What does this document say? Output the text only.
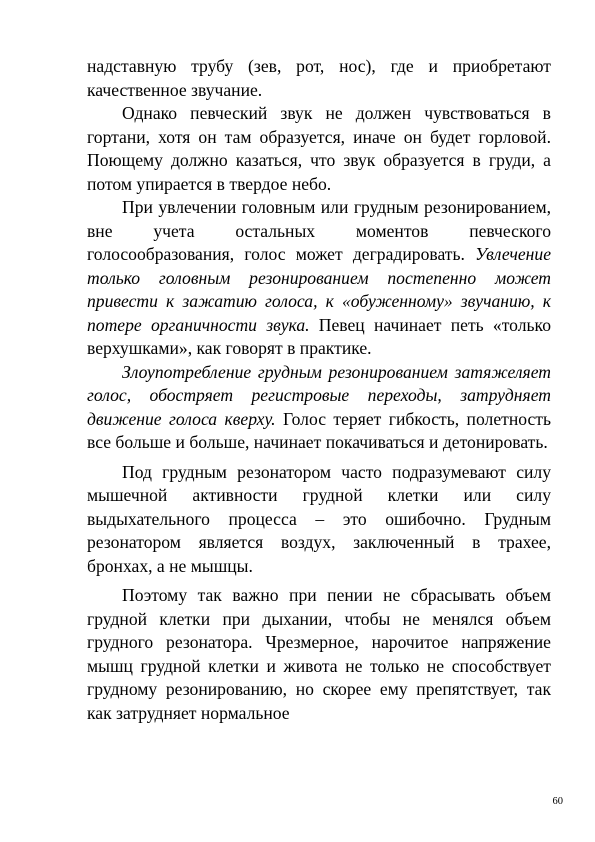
надставную трубу (зев, рот, нос), где и приобретают качественное звучание.

Однако певческий звук не должен чувствоваться в гортани, хотя он там образуется, иначе он будет горловой. Поющему должно казаться, что звук образуется в груди, а потом упирается в твердое небо.

При увлечении головным или грудным резонированием, вне учета остальных моментов певческого голосообразования, голос может деградировать. Увлечение только головным резонированием постепенно может привести к зажатию голоса, к «обуженному» звучанию, к потере органичности звука. Певец начинает петь «только верхушками», как говорят в практике.

Злоупотребление грудным резонированием затяжеляет голос, обостряет регистровые переходы, затрудняет движение голоса кверху. Голос теряет гибкость, полетность все больше и больше, начинает покачиваться и детонировать.

Под грудным резонатором часто подразумевают силу мышечной активности грудной клетки или силу выдыхательного процесса – это ошибочно. Грудным резонатором является воздух, заключенный в трахее, бронхах, а не мышцы.

Поэтому так важно при пении не сбрасывать объем грудной клетки при дыхании, чтобы не менялся объем грудного резонатора. Чрезмерное, нарочитое напряжение мышц грудной клетки и живота не только не способствует грудному резонированию, но скорее ему препятствует, так как затрудняет нормальное

60
